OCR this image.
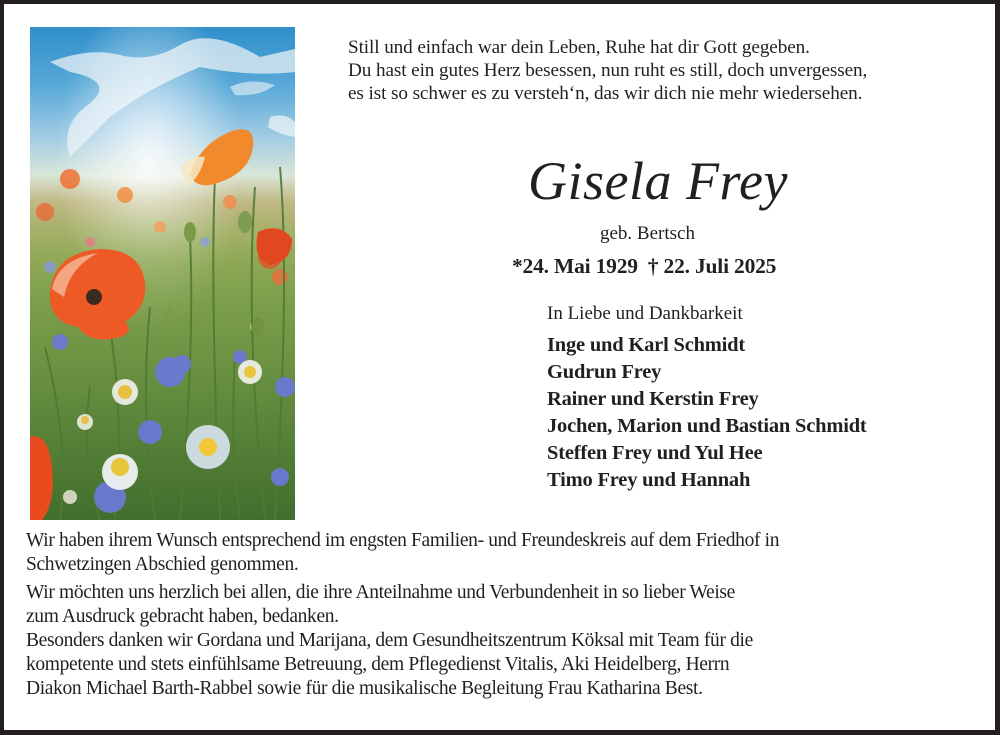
Still und einfach war dein Leben, Ruhe hat dir Gott gegeben.
Du hast ein gutes Herz besessen, nun ruht es still, doch unvergessen,
es ist so schwer es zu versteh‘n, das wir dich nie mehr wiedersehen.
Gisela Frey
geb. Bertsch
*24. Mai 1929 † 22. Juli 2025
In Liebe und Dankbarkeit
Inge und Karl Schmidt
Gudrun Frey
Rainer und Kerstin Frey
Jochen, Marion und Bastian Schmidt
Steffen Frey und Yul Hee
Timo Frey und Hannah
Wir haben ihrem Wunsch entsprechend im engsten Familien- und Freundeskreis auf dem Friedhof in
Schwetzingen Abschied genommen.
Wir möchten uns herzlich bei allen, die ihre Anteilnahme und Verbundenheit in so lieber Weise
zum Ausdruck gebracht haben, bedanken.
Besonders danken wir Gordana und Marijana, dem Gesundheitszentrum Köksal mit Team für die
kompetente und stets einfühlsame Betreuung, dem Pflegedienst Vitalis, Aki Heidelberg, Herrn
Diakon Michael Barth-Rabbel sowie für die musikalische Begleitung Frau Katharina Best.
